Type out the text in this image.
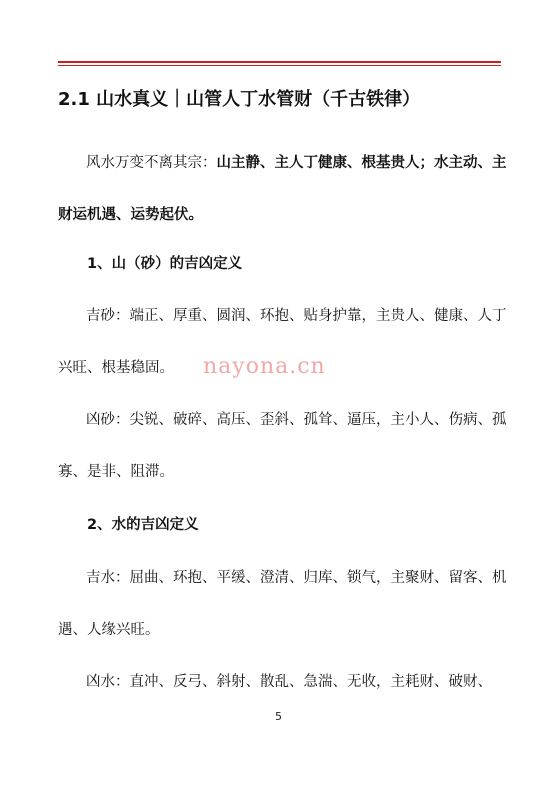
2.1 山水真义｜山管人丁水管财（千古铁律）
风水万变不离其宗：山主静、主人丁健康、根基贵人；水主动、主财运机遇、运势起伏。
1、山（砂）的吉凶定义
吉砂：端正、厚重、圆润、环抱、贴身护靠，主贵人、健康、人丁兴旺、根基稳固。
凶砂：尖锐、破碎、高压、歪斜、孤耸、逼压，主小人、伤病、孤寡、是非、阻滞。
nayona.cn
2、水的吉凶定义
吉水：屈曲、环抱、平缓、澄清、归库、锁气，主聚财、留客、机遇、人缘兴旺。
凶水：直冲、反弓、斜射、散乱、急湍、无收，主耗财、破财、
5
